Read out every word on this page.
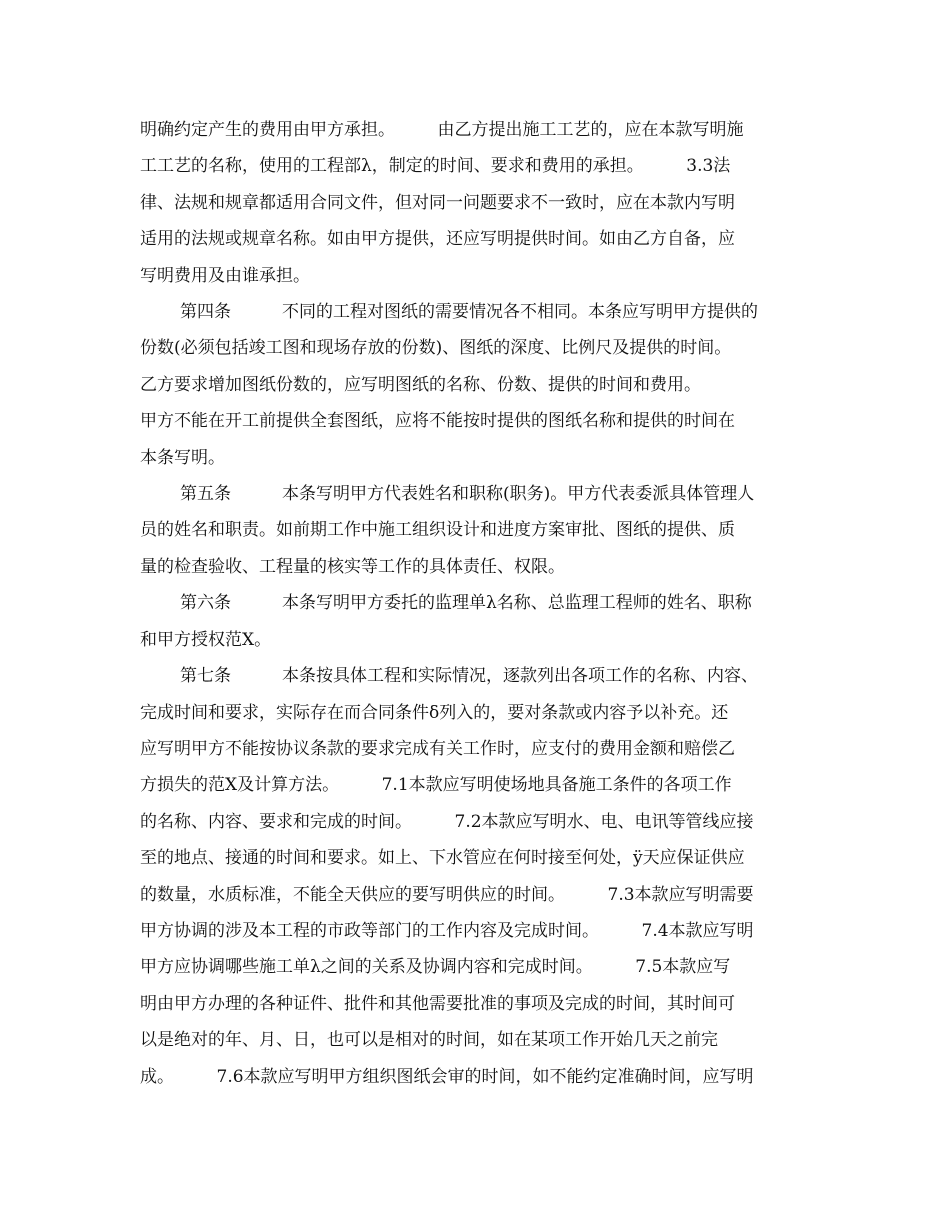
明确约定产生的费用由甲方承担。　　　由乙方提出施工工艺的，应在本款写明施
工工艺的名称，使用的工程部λ，制定的时间、要求和费用的承担。　　　3.3法
律、法规和规章都适用合同文件，但对同一问题要求不一致时，应在本款内写明
适用的法规或规章名称。如由甲方提供，还应写明提供时间。如由乙方自备，应
写明费用及由谁承担。
第四条　　　不同的工程对图纸的需要情况各不相同。本条应写明甲方提供的
份数(必须包括竣工图和现场存放的份数)、图纸的深度、比例尺及提供的时间。
乙方要求增加图纸份数的，应写明图纸的名称、份数、提供的时间和费用。
甲方不能在开工前提供全套图纸，应将不能按时提供的图纸名称和提供的时间在
本条写明。
第五条　　　本条写明甲方代表姓名和职称(职务)。甲方代表委派具体管理人
员的姓名和职责。如前期工作中施工组织设计和进度方案审批、图纸的提供、质
量的检查验收、工程量的核实等工作的具体责任、权限。
第六条　　　本条写明甲方委托的监理单λ名称、总监理工程师的姓名、职称
和甲方授权范Χ。
第七条　　　本条按具体工程和实际情况，逐款列出各项工作的名称、内容、
完成时间和要求，实际存在而合同条件δ列入的，要对条款或内容予以补充。还
应写明甲方不能按协议条款的要求完成有关工作时，应支付的费用金额和赔偿乙
方损失的范Χ及计算方法。　　　7.1本款应写明使场地具备施工条件的各项工作
的名称、内容、要求和完成的时间。　　　7.2本款应写明水、电、电讯等管线应接
至的地点、接通的时间和要求。如上、下水管应在何时接至何处，ÿ天应保证供应
的数量，水质标准，不能全天供应的要写明供应的时间。　　　7.3本款应写明需要
甲方协调的涉及本工程的市政等部门的工作内容及完成时间。　　　7.4本款应写明
甲方应协调哪些施工单λ之间的关系及协调内容和完成时间。　　　7.5本款应写
明由甲方办理的各种证件、批件和其他需要批准的事项及完成的时间，其时间可
以是绝对的年、月、日，也可以是相对的时间，如在某项工作开始几天之前完
成。　　　7.6本款应写明甲方组织图纸会审的时间，如不能约定准确时间，应写明
